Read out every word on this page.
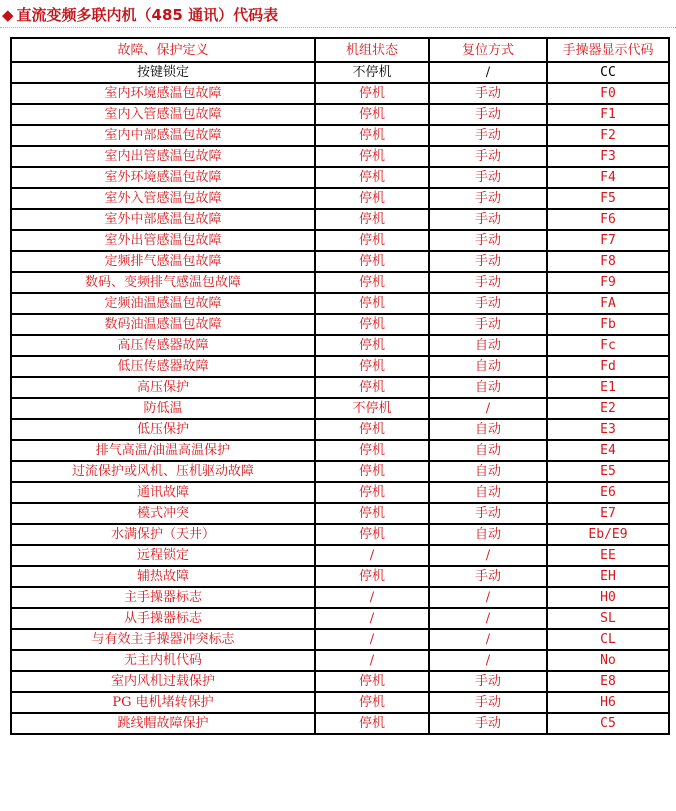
◆ 直流变频多联内机（485 通讯）代码表
故障、保护定义	机组状态	复位方式	手操器显示代码
按键锁定	不停机	/	CC
室内环境感温包故障	停机	手动	F0
室内入管感温包故障	停机	手动	F1
室内中部感温包故障	停机	手动	F2
室内出管感温包故障	停机	手动	F3
室外环境感温包故障	停机	手动	F4
室外入管感温包故障	停机	手动	F5
室外中部感温包故障	停机	手动	F6
室外出管感温包故障	停机	手动	F7
定频排气感温包故障	停机	手动	F8
数码、变频排气感温包故障	停机	手动	F9
定频油温感温包故障	停机	手动	FA
数码油温感温包故障	停机	手动	Fb
高压传感器故障	停机	自动	Fc
低压传感器故障	停机	自动	Fd
高压保护	停机	自动	E1
防低温	不停机	/	E2
低压保护	停机	自动	E3
排气高温/油温高温保护	停机	自动	E4
过流保护或风机、压机驱动故障	停机	自动	E5
通讯故障	停机	自动	E6
模式冲突	停机	手动	E7
水满保护（天井）	停机	自动	Eb/E9
远程锁定	/	/	EE
辅热故障	停机	手动	EH
主手操器标志	/	/	H0
从手操器标志	/	/	SL
与有效主手操器冲突标志	/	/	CL
无主内机代码	/	/	No
室内风机过载保护	停机	手动	E8
PG 电机堵转保护	停机	手动	H6
跳线帽故障保护	停机	手动	C5
